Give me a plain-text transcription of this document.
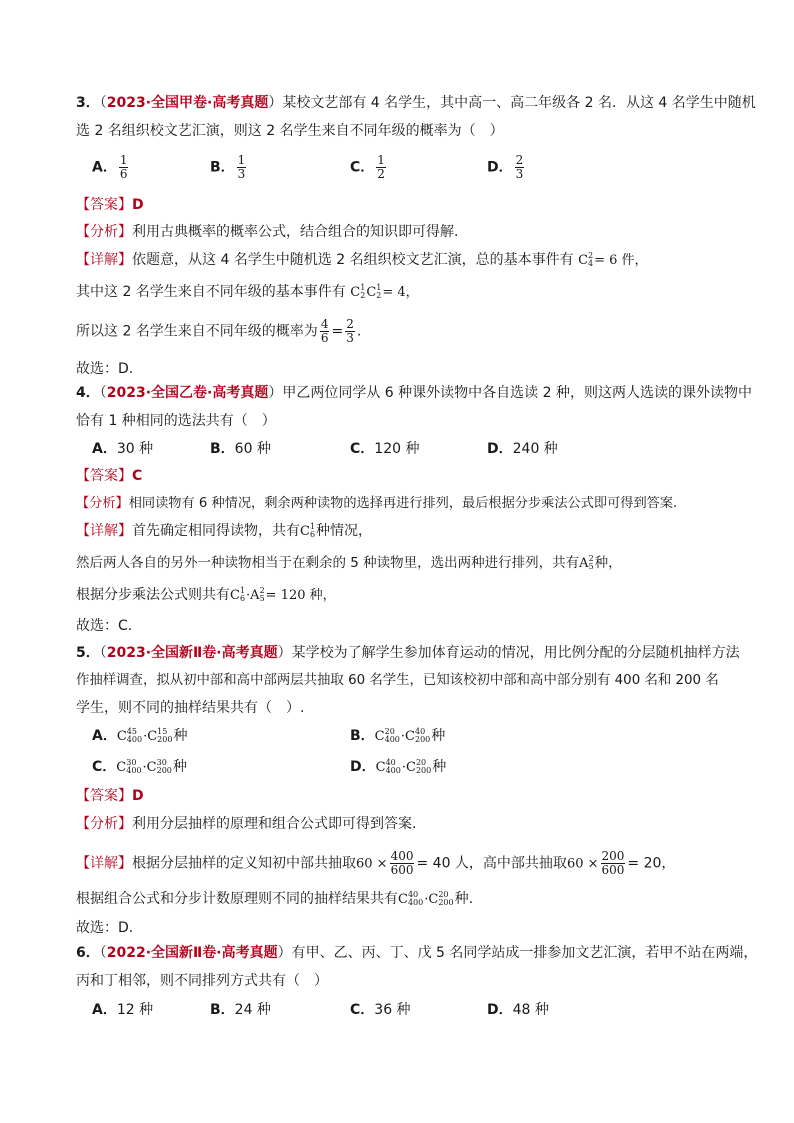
3．（2023·全国甲卷·高考真题）某校文艺部有 4 名学生，其中高一、高二年级各 2 名．从这 4 名学生中随机
选 2 名组织校文艺汇演，则这 2 名学生来自不同年级的概率为（　）
A． $\frac{1}{6}$	B． $\frac{1}{3}$	C． $\frac{1}{2}$	D． $\frac{2}{3}$
【答案】D
【分析】利用古典概率的概率公式，结合组合的知识即可得解.
【详解】依题意，从这 4 名学生中随机选 2 名组织校文艺汇演，总的基本事件有 C 2
4 = 6 件，
其中这 2 名学生来自不同年级的基本事件有 C 1
2 C 1
2 = 4，
所以这 2 名学生来自不同年级的概率为 $\frac{4}{6} = \frac{2}{3}$ .
故选：D.
4．（2023·全国乙卷·高考真题）甲乙两位同学从 6 种课外读物中各自选读 2 种，则这两人选读的课外读物中
恰有 1 种相同的选法共有（　）
A．30 种	B．60 种	C．120 种	D．240 种
【答案】C
【分析】相同读物有 6 种情况，剩余两种读物的选择再进行排列，最后根据分步乘法公式即可得到答案.
【详解】首先确定相同得读物，共有C 1
6 种情况，
然后两人各自的另外一种读物相当于在剩余的 5 种读物里，选出两种进行排列，共有A 2
5 种，
根据分步乘法公式则共有C 1
6 ·A 2
5 = 120 种，
故选：C.
5．（2023·全国新Ⅱ卷·高考真题）某学校为了解学生参加体育运动的情况，用比例分配的分层随机抽样方法
作抽样调查，拟从初中部和高中部两层共抽取 60 名学生，已知该校初中部和高中部分别有 400 名和 200 名
学生，则不同的抽样结果共有（　）.
A．C 45
400 ·C 15
200 种	B．C 20
400 ·C 40
200 种
C．C 30
400 ·C 30
200 种	D．C 40
400 ·C 20
200 种
【答案】D
【分析】利用分层抽样的原理和组合公式即可得到答案.
【详解】根据分层抽样的定义知初中部共抽取$60 \times \frac{400}{600} = 40$ 人，高中部共抽取$60 \times \frac{200}{600} = 20$，
根据组合公式和分步计数原理则不同的抽样结果共有C 40
400 ·C 20
200 种.
故选：D.
6．（2022·全国新Ⅱ卷·高考真题）有甲、乙、丙、丁、戊 5 名同学站成一排参加文艺汇演，若甲不站在两端，
丙和丁相邻，则不同排列方式共有（　）
A．12 种	B．24 种	C．36 种	D．48 种
